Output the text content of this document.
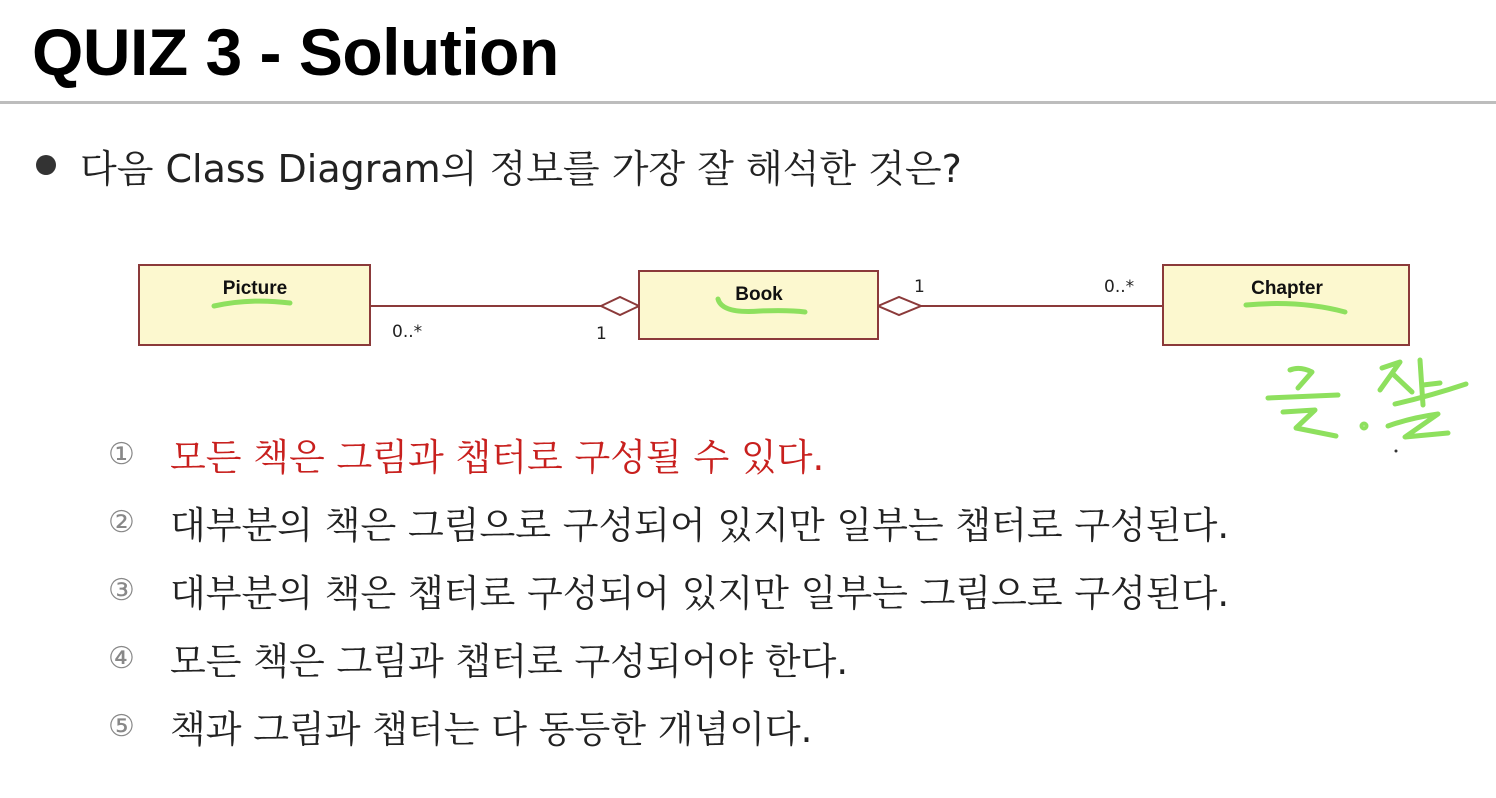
QUIZ 3 - Solution
다음 Class Diagram의 정보를 가장 잘 해석한 것은?
Picture	Book	Chapter
0..*	1
1	0..*
① 모든 책은 그림과 챕터로 구성될 수 있다.
② 대부분의 책은 그림으로 구성되어 있지만 일부는 챕터로 구성된다.
③ 대부분의 책은 챕터로 구성되어 있지만 일부는 그림으로 구성된다.
④ 모든 책은 그림과 챕터로 구성되어야 한다.
⑤ 책과 그림과 챕터는 다 동등한 개념이다.
